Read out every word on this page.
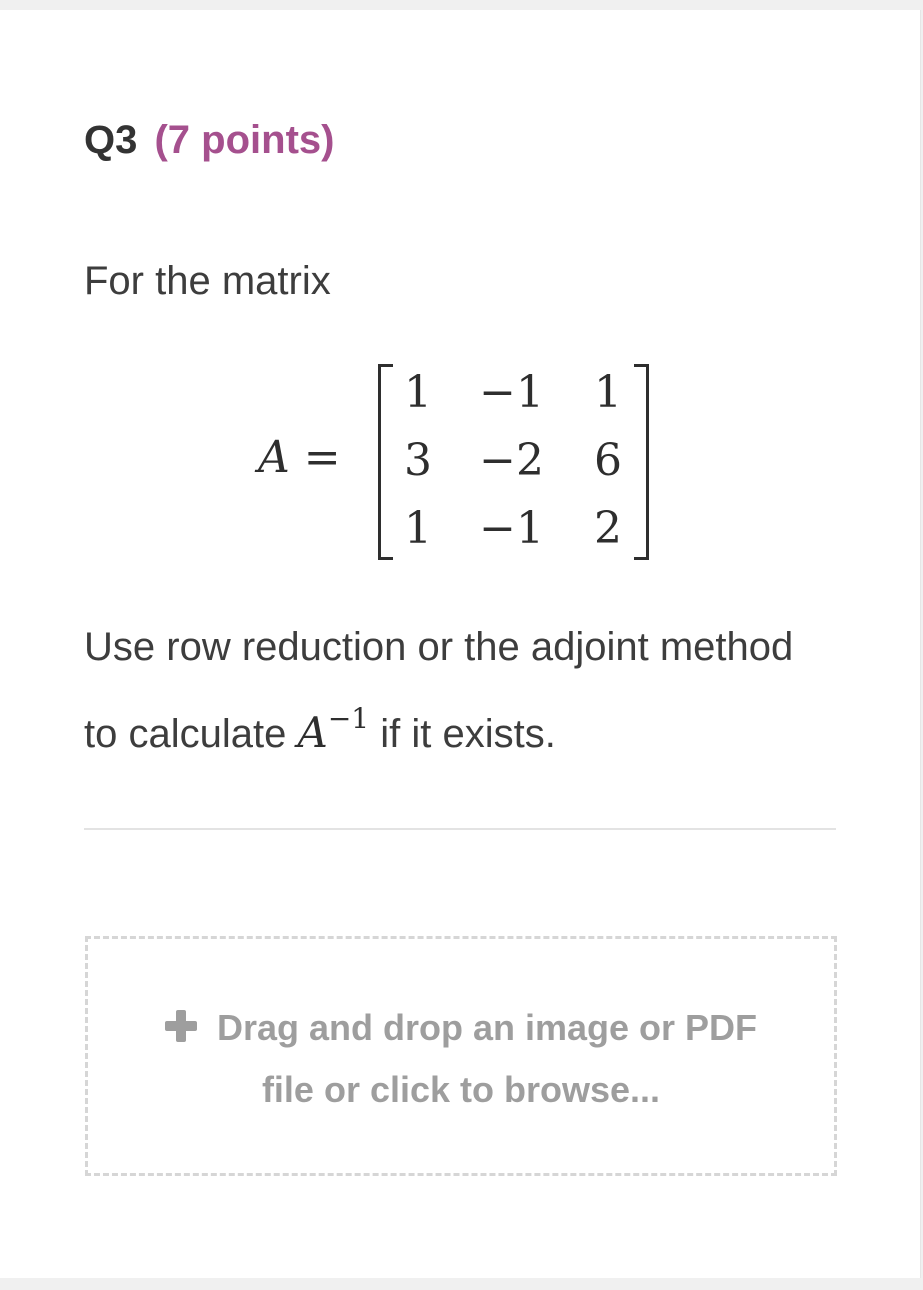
Q3 (7 points)
For the matrix
A =
1 −1 1
3 −2 6
1 −1 2
Use row reduction or the adjoint method
to calculate $A^{-1}$ if it exists.
Drag and drop an image or PDF
file or click to browse...
